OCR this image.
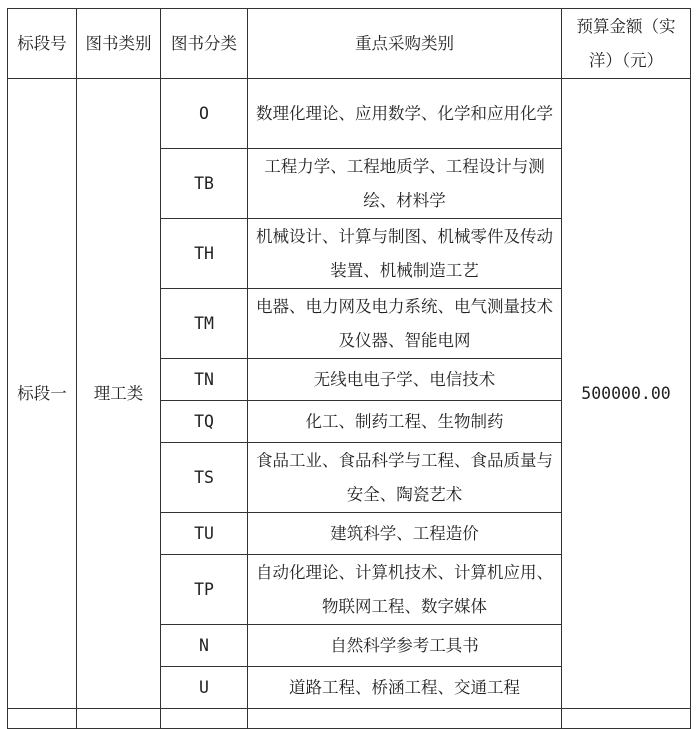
标段号	图书类别	图书分类	重点采购类别	预算金额（实洋）（元）
标段一	理工类	O	数理化理论、应用数学、化学和应用化学	500000.00
		TB	工程力学、工程地质学、工程设计与测绘、材料学	
		TH	机械设计、计算与制图、机械零件及传动装置、机械制造工艺	
		TM	电器、电力网及电力系统、电气测量技术及仪器、智能电网	
		TN	无线电电子学、电信技术	
		TQ	化工、制药工程、生物制药	
		TS	食品工业、食品科学与工程、食品质量与安全、陶瓷艺术	
		TU	建筑科学、工程造价	
		TP	自动化理论、计算机技术、计算机应用、物联网工程、数字媒体	
		N	自然科学参考工具书	
		U	道路工程、桥涵工程、交通工程	
